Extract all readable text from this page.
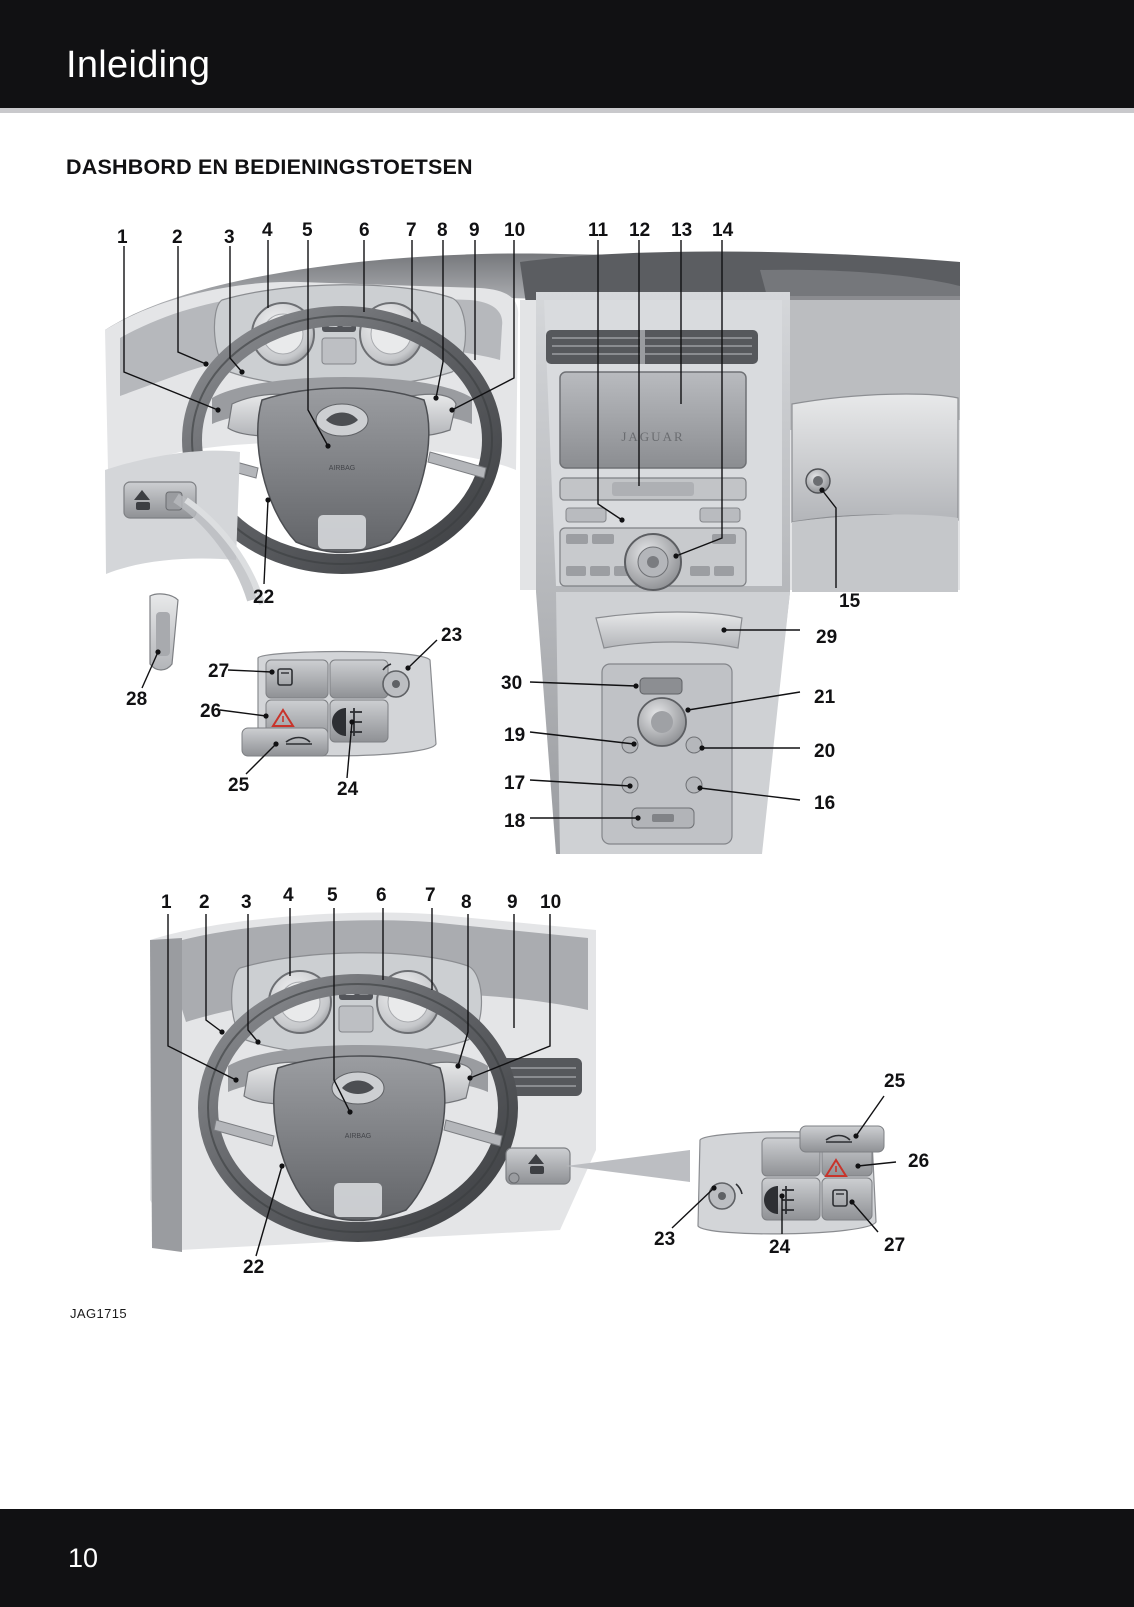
Inleiding
DASHBORD EN BEDIENINGSTOETSEN
JAGUAR
AIRBAG
AIRBAG
1 2 3 4 5 6 7 8 9 10	11 12 13 14
15
16
17
18
19
20
21
22
23
24
25
26
27
28
29
30
1 2 3 4 5 6 7 8 9 10
22
23	24
25
26
27
JAG1715
10
